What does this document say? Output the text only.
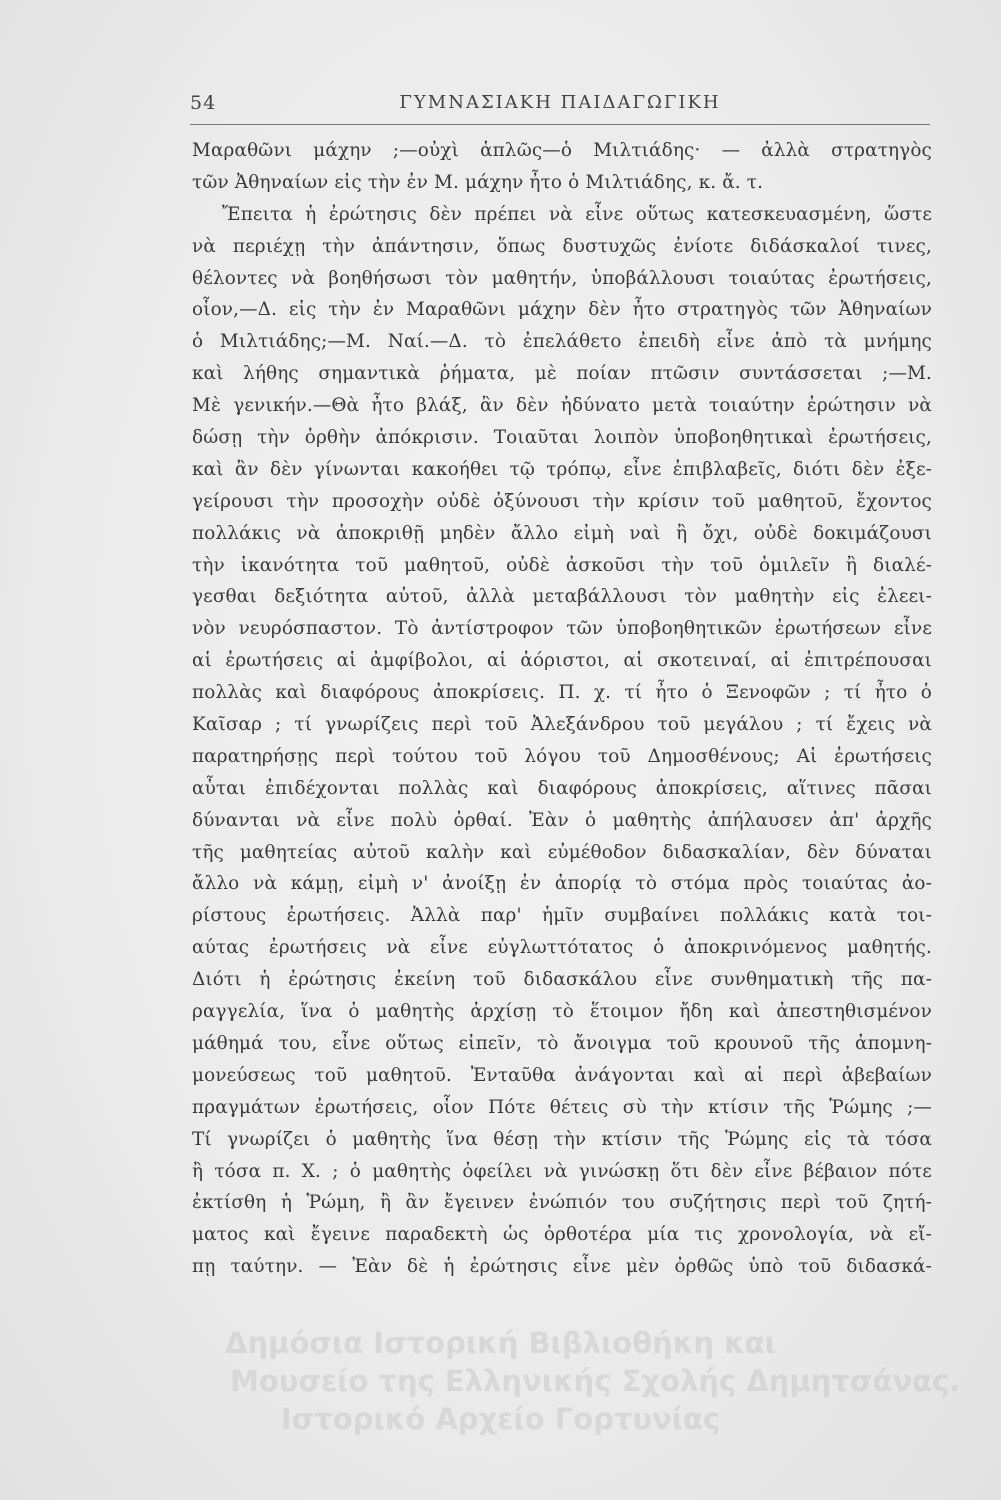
54	ΓΥΜΝΑΣΙΑΚΗ ΠΑΙΔΑΓΩΓΙΚΗ
Μαραθῶνι μάχην ;—οὐχὶ ἁπλῶς—ὁ Μιλτιάδης· — ἀλλὰ στρατηγὸς
τῶν Ἀθηναίων εἰς τὴν ἐν Μ. μάχην ἦτο ὁ Μιλτιάδης, κ. ἄ. τ.
Ἔπειτα ἡ ἐρώτησις δὲν πρέπει νὰ εἶνε οὕτως κατεσκευασμένη, ὥστε
νὰ περιέχῃ τὴν ἀπάντησιν, ὅπως δυστυχῶς ἐνίοτε διδάσκαλοί τινες,
θέλοντες νὰ βοηθήσωσι τὸν μαθητήν, ὑποβάλλουσι τοιαύτας ἐρωτήσεις,
οἷον,—Δ. εἰς τὴν ἐν Μαραθῶνι μάχην δὲν ἦτο στρατηγὸς τῶν Ἀθηναίων
ὁ Μιλτιάδης;—Μ. Ναί.—Δ. τὸ ἐπελάθετο ἐπειδὴ εἶνε ἀπὸ τὰ μνήμης
καὶ λήθης σημαντικὰ ῥήματα, μὲ ποίαν πτῶσιν συντάσσεται ;—Μ.
Μὲ γενικήν.—Θὰ ἦτο βλάξ, ἂν δὲν ἠδύνατο μετὰ τοιαύτην ἐρώτησιν νὰ
δώσῃ τὴν ὀρθὴν ἀπόκρισιν. Τοιαῦται λοιπὸν ὑποβοηθητικαὶ ἐρωτήσεις,
καὶ ἂν δὲν γίνωνται κακοήθει τῷ τρόπῳ, εἶνε ἐπιβλαβεῖς, διότι δὲν ἐξε-
γείρουσι τὴν προσοχὴν οὐδὲ ὀξύνουσι τὴν κρίσιν τοῦ μαθητοῦ, ἔχοντος
πολλάκις νὰ ἀποκριθῇ μηδὲν ἄλλο εἰμὴ ναὶ ἢ ὄχι, οὐδὲ δοκιμάζουσι
τὴν ἱκανότητα τοῦ μαθητοῦ, οὐδὲ ἀσκοῦσι τὴν τοῦ ὁμιλεῖν ἢ διαλέ-
γεσθαι δεξιότητα αὐτοῦ, ἀλλὰ μεταβάλλουσι τὸν μαθητὴν εἰς ἐλεει-
νὸν νευρόσπαστον. Τὸ ἀντίστροφον τῶν ὑποβοηθητικῶν ἐρωτήσεων εἶνε
αἱ ἐρωτήσεις αἱ ἀμφίβολοι, αἱ ἀόριστοι, αἱ σκοτειναί, αἱ ἐπιτρέπουσαι
πολλὰς καὶ διαφόρους ἀποκρίσεις. Π. χ. τί ἦτο ὁ Ξενοφῶν ; τί ἦτο ὁ
Καῖσαρ ; τί γνωρίζεις περὶ τοῦ Ἀλεξάνδρου τοῦ μεγάλου ; τί ἔχεις νὰ
παρατηρήσῃς περὶ τούτου τοῦ λόγου τοῦ Δημοσθένους; Αἱ ἐρωτήσεις
αὗται ἐπιδέχονται πολλὰς καὶ διαφόρους ἀποκρίσεις, αἵτινες πᾶσαι
δύνανται νὰ εἶνε πολὺ ὀρθαί. Ἐὰν ὁ μαθητὴς ἀπήλαυσεν ἀπ' ἀρχῆς
τῆς μαθητείας αὐτοῦ καλὴν καὶ εὐμέθοδον διδασκαλίαν, δὲν δύναται
ἄλλο νὰ κάμῃ, εἰμὴ ν' ἀνοίξῃ ἐν ἀπορίᾳ τὸ στόμα πρὸς τοιαύτας ἀο-
ρίστους ἐρωτήσεις. Ἀλλὰ παρ' ἡμῖν συμβαίνει πολλάκις κατὰ τοι-
αύτας ἐρωτήσεις νὰ εἶνε εὐγλωττότατος ὁ ἀποκρινόμενος μαθητής.
Διότι ἡ ἐρώτησις ἐκείνη τοῦ διδασκάλου εἶνε συνθηματικὴ τῆς πα-
ραγγελία, ἵνα ὁ μαθητὴς ἀρχίσῃ τὸ ἕτοιμον ἤδη καὶ ἀπεστηθισμένον
μάθημά του, εἶνε οὕτως εἰπεῖν, τὸ ἄνοιγμα τοῦ κρουνοῦ τῆς ἀπομνη-
μονεύσεως τοῦ μαθητοῦ. Ἐνταῦθα ἀνάγονται καὶ αἱ περὶ ἀβεβαίων
πραγμάτων ἐρωτήσεις, οἷον Πότε θέτεις σὺ τὴν κτίσιν τῆς Ῥώμης ;—
Τί γνωρίζει ὁ μαθητὴς ἵνα θέσῃ τὴν κτίσιν τῆς Ῥώμης εἰς τὰ τόσα
ἢ τόσα π. Χ. ; ὁ μαθητὴς ὀφείλει νὰ γινώσκῃ ὅτι δὲν εἶνε βέβαιον πότε
ἐκτίσθη ἡ Ῥώμη, ἢ ἂν ἔγεινεν ἐνώπιόν του συζήτησις περὶ τοῦ ζητή-
ματος καὶ ἔγεινε παραδεκτὴ ὡς ὀρθοτέρα μία τις χρονολογία, νὰ εἴ-
πῃ ταύτην. — Ἐὰν δὲ ἡ ἐρώτησις εἶνε μὲν ὀρθῶς ὑπὸ τοῦ διδασκά-
Δημόσια Ιστορική Βιβλιοθήκη και
Μουσείο της Ελληνικής Σχολής Δημητσάνας.
Ιστορικό Αρχείο Γορτυνίας
